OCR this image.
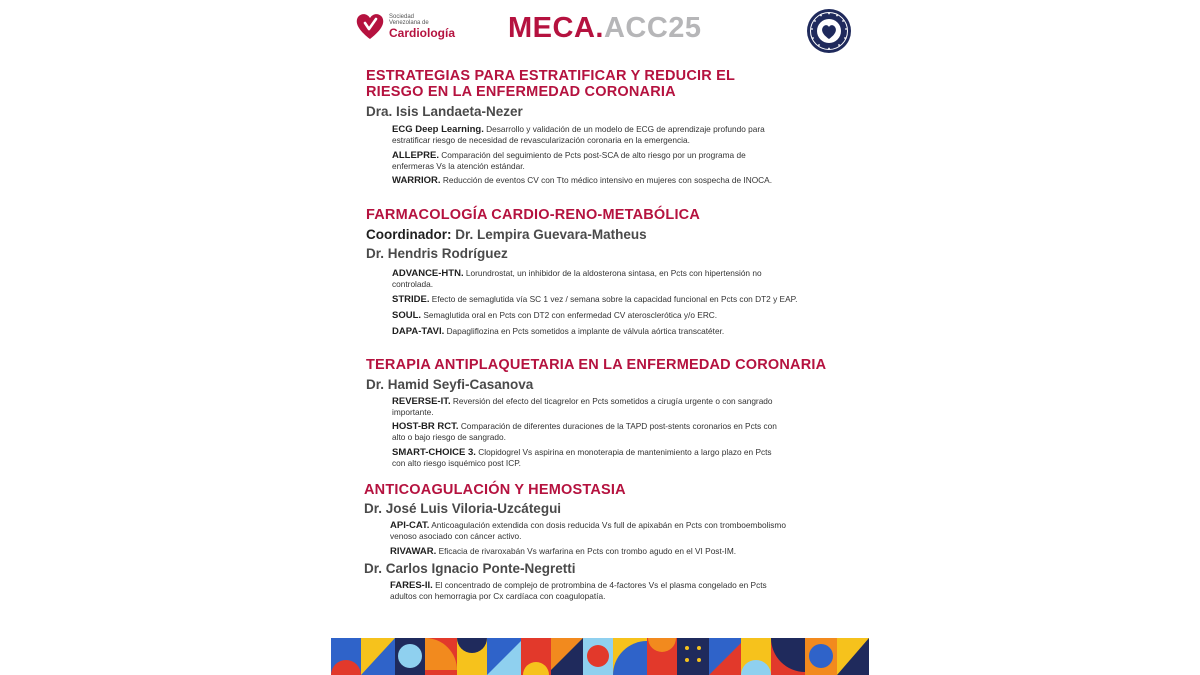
Sociedad
Venezolana de
Cardiología MECA.ACC25
ESTRATEGIAS PARA ESTRATIFICAR Y REDUCIR EL
RIESGO EN LA ENFERMEDAD CORONARIA
Dra. Isis Landaeta-Nezer
ECG Deep Learning. Desarrollo y validación de un modelo de ECG de aprendizaje profundo para
estratificar riesgo de necesidad de revascularización coronaria en la emergencia.
ALLEPRE. Comparación del seguimiento de Pcts post-SCA de alto riesgo por un programa de
enfermeras Vs la atención estándar.
WARRIOR. Reducción de eventos CV con Tto médico intensivo en mujeres con sospecha de INOCA.
FARMACOLOGÍA CARDIO-RENO-METABÓLICA
Coordinador: Dr. Lempira Guevara-Matheus
Dr. Hendris Rodríguez
ADVANCE-HTN. Lorundrostat, un inhibidor de la aldosterona sintasa, en Pcts con hipertensión no
controlada.
STRIDE. Efecto de semaglutida vía SC 1 vez / semana sobre la capacidad funcional en Pcts con DT2 y EAP.
SOUL. Semaglutida oral en Pcts con DT2 con enfermedad CV aterosclerótica y/o ERC.
DAPA-TAVI. Dapagliflozina en Pcts sometidos a implante de válvula aórtica transcatéter.
TERAPIA ANTIPLAQUETARIA EN LA ENFERMEDAD CORONARIA
Dr. Hamid Seyfi-Casanova
REVERSE-IT. Reversión del efecto del ticagrelor en Pcts sometidos a cirugía urgente o con sangrado
importante.
HOST-BR RCT. Comparación de diferentes duraciones de la TAPD post-stents coronarios en Pcts con
alto o bajo riesgo de sangrado.
SMART-CHOICE 3. Clopidogrel Vs aspirina en monoterapia de mantenimiento a largo plazo en Pcts
con alto riesgo isquémico post ICP.
ANTICOAGULACIÓN Y HEMOSTASIA
Dr. José Luis Viloria-Uzcátegui
API-CAT. Anticoagulación extendida con dosis reducida Vs full de apixabán en Pcts con tromboembolismo
venoso asociado con cáncer activo.
RIVAWAR. Eficacia de rivaroxabán Vs warfarina en Pcts con trombo agudo en el VI Post-IM.
Dr. Carlos Ignacio Ponte-Negretti
FARES-II. El concentrado de complejo de protrombina de 4-factores Vs el plasma congelado en Pcts
adultos con hemorragia por Cx cardíaca con coagulopatía.
